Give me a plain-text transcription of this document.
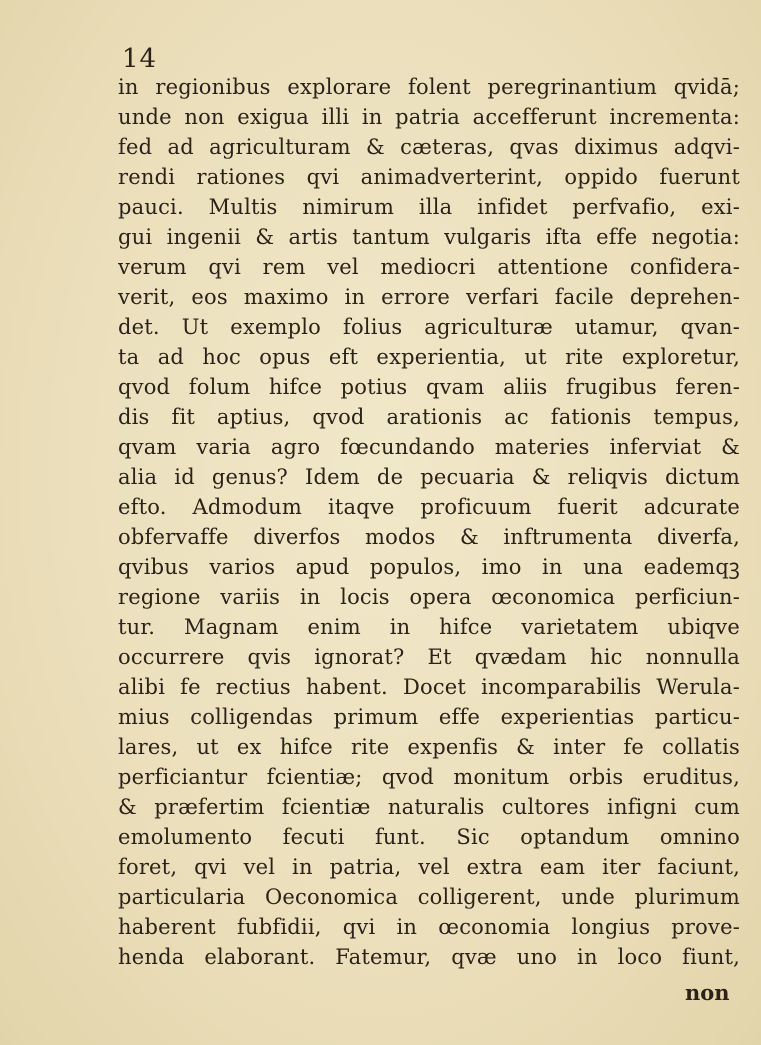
14
in regionibus explorare folent peregrinantium qvidā;
unde non exigua illi in patria accefferunt incrementa:
fed ad agriculturam & cæteras, qvas diximus adqvi-
rendi rationes qvi animadverterint, oppido fuerunt
pauci. Multis nimirum illa infidet perfvafio, exi-
gui ingenii & artis tantum vulgaris ifta effe negotia:
verum qvi rem vel mediocri attentione confidera-
verit, eos maximo in errore verfari facile deprehen-
det. Ut exemplo folius agriculturæ utamur, qvan-
ta ad hoc opus eft experientia, ut rite exploretur,
qvod folum hifce potius qvam aliis frugibus feren-
dis fit aptius, qvod arationis ac fationis tempus,
qvam varia agro fœcundando materies inferviat &
alia id genus? Idem de pecuaria & reliqvis dictum
efto. Admodum itaqve proficuum fuerit adcurate
obfervaffe diverfos modos & inftrumenta diverfa,
qvibus varios apud populos, imo in una eademqꝫ
regione variis in locis opera œconomica perficiun-
tur. Magnam enim in hifce varietatem ubiqve
occurrere qvis ignorat? Et qvædam hic nonnulla
alibi fe rectius habent. Docet incomparabilis Werula-
mius colligendas primum effe experientias particu-
lares, ut ex hifce rite expenfis & inter fe collatis
perficiantur fcientiæ; qvod monitum orbis eruditus,
& præfertim fcientiæ naturalis cultores infigni cum
emolumento fecuti funt. Sic optandum omnino
foret, qvi vel in patria, vel extra eam iter faciunt,
particularia Oeconomica colligerent, unde plurimum
haberent fubfidii, qvi in œconomia longius prove-
henda elaborant. Fatemur, qvæ uno in loco fiunt,
non
